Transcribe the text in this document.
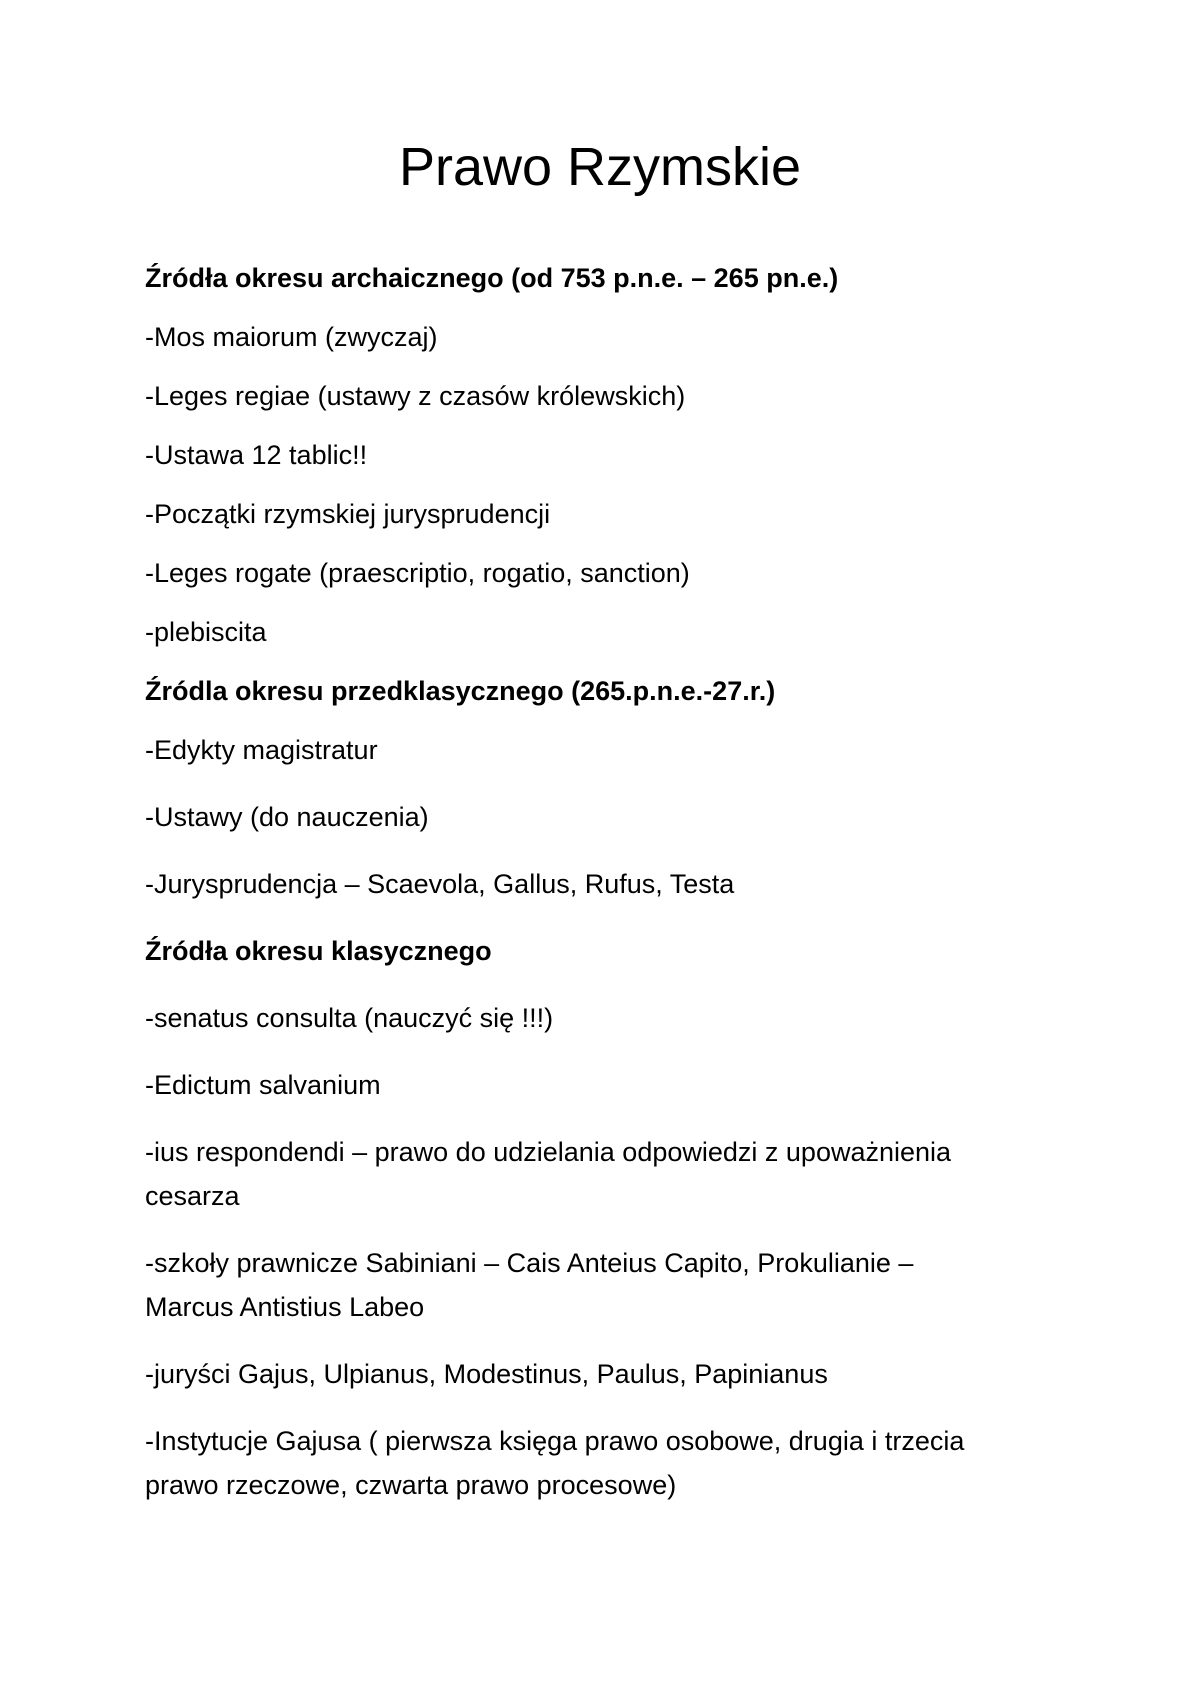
Prawo Rzymskie
Źródła okresu archaicznego (od 753 p.n.e. – 265 pn.e.)
-Mos maiorum (zwyczaj)
-Leges regiae (ustawy z czasów królewskich)
-Ustawa 12 tablic!!
-Początki rzymskiej jurysprudencji
-Leges rogate (praescriptio, rogatio, sanction)
-plebiscita
Źródla okresu przedklasycznego (265.p.n.e.-27.r.)
-Edykty magistratur
-Ustawy (do nauczenia)
-Jurysprudencja – Scaevola, Gallus, Rufus, Testa
Źródła okresu klasycznego
-senatus consulta (nauczyć się !!!)
-Edictum salvanium
-ius respondendi – prawo do udzielania odpowiedzi z upoważnienia
cesarza
-szkoły prawnicze Sabiniani – Cais Anteius Capito, Prokulianie –
Marcus Antistius Labeo
-juryści Gajus, Ulpianus, Modestinus, Paulus, Papinianus
-Instytucje Gajusa ( pierwsza księga prawo osobowe, drugia i trzecia
prawo rzeczowe, czwarta prawo procesowe)
